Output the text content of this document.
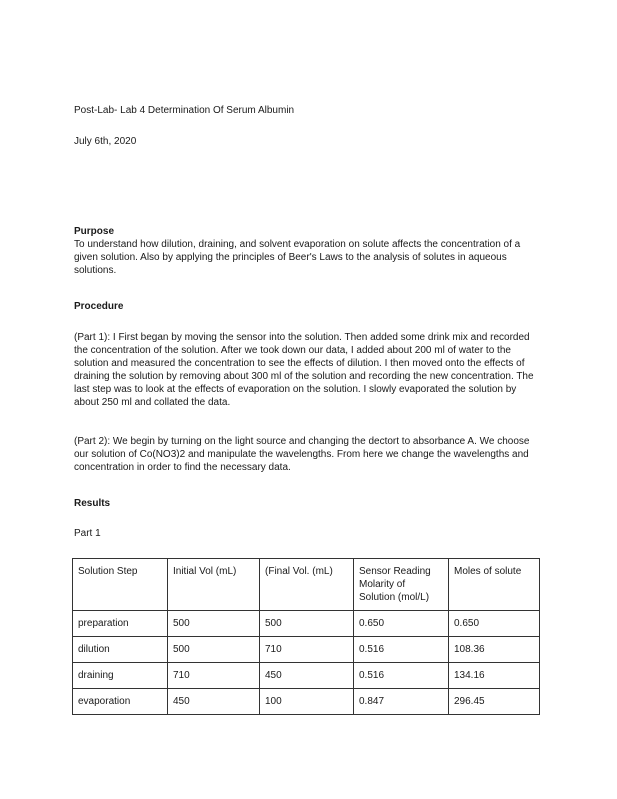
Post-Lab- Lab 4 Determination Of Serum Albumin
July 6th, 2020
Purpose
To understand how dilution, draining, and solvent evaporation on solute affects the concentration of a given solution. Also by applying the principles of Beer's Laws to the analysis of solutes in aqueous solutions.
Procedure
(Part 1): I First began by moving the sensor into the solution. Then added some drink mix and recorded the concentration of the solution. After we took down our data, I added about 200 ml of water to the solution and measured the concentration to see the effects of dilution. I then moved onto the effects of draining the solution by removing about 300 ml of the solution and recording the new concentration. The last step was to look at the effects of evaporation on the solution. I slowly evaporated the solution by about 250 ml and collated the data.
(Part 2): We begin by turning on the light source and changing the dectort to absorbance A. We choose our solution of Co(NO3)2 and manipulate the wavelengths. From here we change the wavelengths and concentration in order to find the necessary data.
Results
Part 1
Solution Step	Initial Vol (mL)	(Final Vol. (mL)	Sensor Reading Molarity of Solution (mol/L)	Moles of solute
preparation	500	500	0.650	0.650
dilution	500	710	0.516	108.36
draining	710	450	0.516	134.16
evaporation	450	100	0.847	296.45
